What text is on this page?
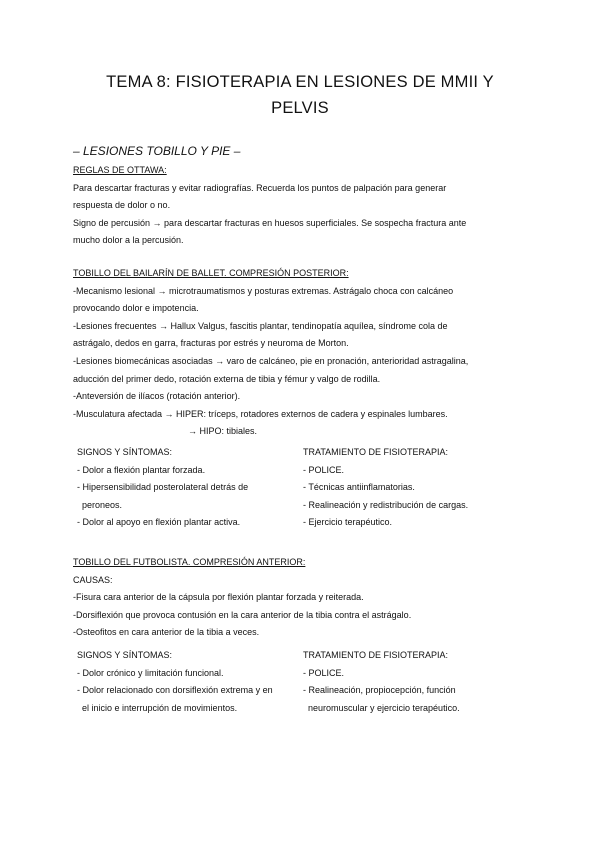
TEMA 8: FISIOTERAPIA EN LESIONES DE MMII Y
PELVIS
– LESIONES TOBILLO Y PIE –
REGLAS DE OTTAWA:
Para descartar fracturas y evitar radiografías. Recuerda los puntos de palpación para generar
respuesta de dolor o no.
Signo de percusión → para descartar fracturas en huesos superficiales. Se sospecha fractura ante
mucho dolor a la percusión.
TOBILLO DEL BAILARÍN DE BALLET. COMPRESIÓN POSTERIOR:
-Mecanismo lesional → microtraumatismos y posturas extremas. Astrágalo choca con calcáneo
provocando dolor e impotencia.
-Lesiones frecuentes → Hallux Valgus, fascitis plantar, tendinopatía aquílea, síndrome cola de
astrágalo, dedos en garra, fracturas por estrés y neuroma de Morton.
-Lesiones biomecánicas asociadas → varo de calcáneo, pie en pronación, anterioridad astragalina,
aducción del primer dedo, rotación externa de tibia y fémur y valgo de rodilla.
-Anteversión de ilíacos (rotación anterior).
-Musculatura afectada → HIPER: tríceps, rotadores externos de cadera y espinales lumbares.
→ HIPO: tibiales.
SIGNOS Y SÍNTOMAS:
- Dolor a flexión plantar forzada.
- Hipersensibilidad posterolateral detrás de
peroneos.
- Dolor al apoyo en flexión plantar activa.
TRATAMIENTO DE FISIOTERAPIA:
- POLICE.
- Técnicas antiinflamatorias.
- Realineación y redistribución de cargas.
- Ejercicio terapéutico.
TOBILLO DEL FUTBOLISTA. COMPRESIÓN ANTERIOR:
CAUSAS:
-Fisura cara anterior de la cápsula por flexión plantar forzada y reiterada.
-Dorsiflexión que provoca contusión en la cara anterior de la tibia contra el astrágalo.
-Osteofitos en cara anterior de la tibia a veces.
SIGNOS Y SÍNTOMAS:
- Dolor crónico y limitación funcional.
- Dolor relacionado con dorsiflexión extrema y en
el inicio e interrupción de movimientos.
TRATAMIENTO DE FISIOTERAPIA:
- POLICE.
- Realineación, propiocepción, función
neuromuscular y ejercicio terapéutico.
